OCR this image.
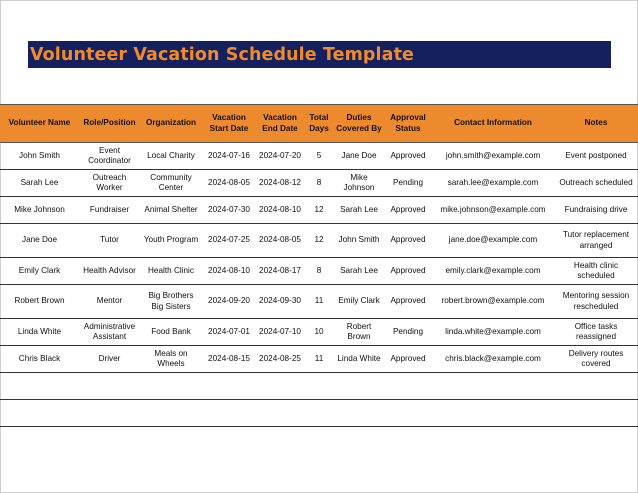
Volunteer Vacation Schedule Template
Volunteer Name	Role/Position	Organization	Vacation Start Date	Vacation End Date	Total Days	Duties Covered By	Approval Status	Contact Information	Notes
John Smith	Event Coordinator	Local Charity	2024-07-16	2024-07-20	5	Jane Doe	Approved	john.smith@example.com	Event postponed
Sarah Lee	Outreach Worker	Community Center	2024-08-05	2024-08-12	8	Mike Johnson	Pending	sarah.lee@example.com	Outreach scheduled
Mike Johnson	Fundraiser	Animal Shelter	2024-07-30	2024-08-10	12	Sarah Lee	Approved	mike.johnson@example.com	Fundraising drive
Jane Doe	Tutor	Youth Program	2024-07-25	2024-08-05	12	John Smith	Approved	jane.doe@example.com	Tutor replacement arranged
Emily Clark	Health Advisor	Health Clinic	2024-08-10	2024-08-17	8	Sarah Lee	Approved	emily.clark@example.com	Health clinic scheduled
Robert Brown	Mentor	Big Brothers Big Sisters	2024-09-20	2024-09-30	11	Emily Clark	Approved	robert.brown@example.com	Mentoring session rescheduled
Linda White	Administrative Assistant	Food Bank	2024-07-01	2024-07-10	10	Robert Brown	Pending	linda.white@example.com	Office tasks reassigned
Chris Black	Driver	Meals on Wheels	2024-08-15	2024-08-25	11	Linda White	Approved	chris.black@example.com	Delivery routes covered
